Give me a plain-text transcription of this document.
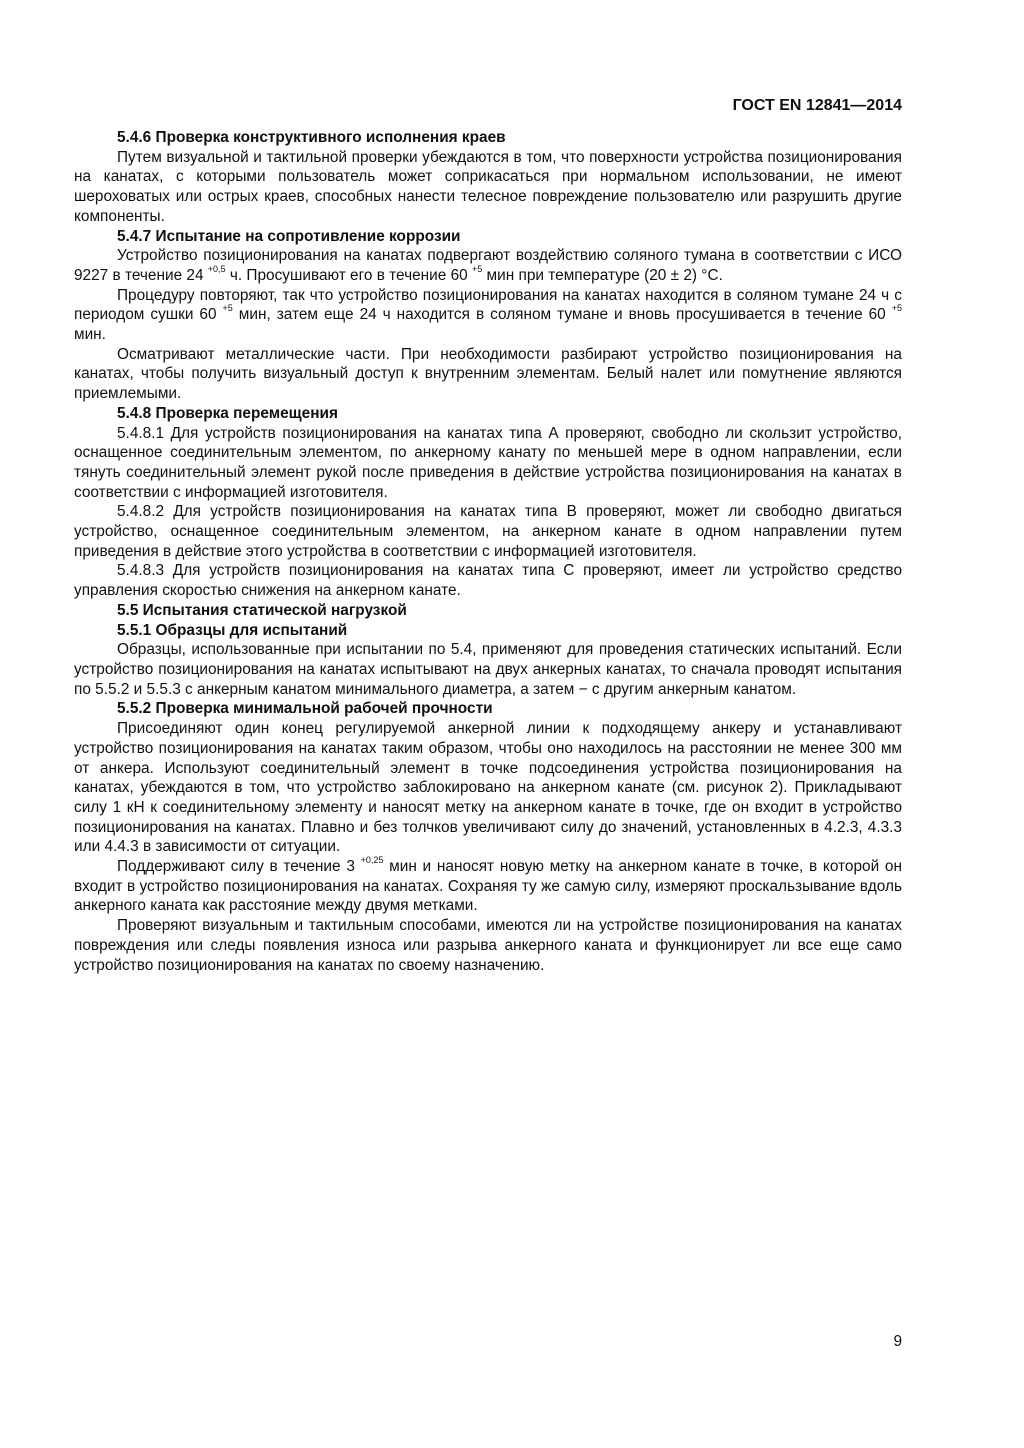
ГОСТ EN 12841—2014
5.4.6 Проверка конструктивного исполнения краев

Путем визуальной и тактильной проверки убеждаются в том, что поверхности устройства позиционирования на канатах, с которыми пользователь может соприкасаться при нормальном использовании, не имеют шероховатых или острых краев, способных нанести телесное повреждение пользователю или разрушить другие компоненты.

5.4.7 Испытание на сопротивление коррозии

Устройство позиционирования на канатах подвергают воздействию соляного тумана в соответствии с ИСО 9227 в течение 24 $^{+0,5}$ ч. Просушивают его в течение 60 $^{+5}$ мин при температуре (20 ± 2) °С.

Процедуру повторяют, так что устройство позиционирования на канатах находится в соляном тумане 24 ч с периодом сушки 60 $^{+5}$ мин, затем еще 24 ч находится в соляном тумане и вновь просушивается в течение 60 $^{+5}$ мин.

Осматривают металлические части. При необходимости разбирают устройство позиционирования на канатах, чтобы получить визуальный доступ к внутренним элементам. Белый налет или помутнение являются приемлемыми.

5.4.8 Проверка перемещения

5.4.8.1 Для устройств позиционирования на канатах типа А проверяют, свободно ли скользит устройство, оснащенное соединительным элементом, по анкерному канату по меньшей мере в одном направлении, если тянуть соединительный элемент рукой после приведения в действие устройства позиционирования на канатах в соответствии с информацией изготовителя.

5.4.8.2 Для устройств позиционирования на канатах типа В проверяют, может ли свободно двигаться устройство, оснащенное соединительным элементом, на анкерном канате в одном направлении путем приведения в действие этого устройства в соответствии с информацией изготовителя.

5.4.8.3 Для устройств позиционирования на канатах типа С проверяют, имеет ли устройство средство управления скоростью снижения на анкерном канате.

5.5 Испытания статической нагрузкой
5.5.1 Образцы для испытаний

Образцы, использованные при испытании по 5.4, применяют для проведения статических испытаний. Если устройство позиционирования на канатах испытывают на двух анкерных канатах, то сначала проводят испытания по 5.5.2 и 5.5.3 с анкерным канатом минимального диаметра, а затем − с другим анкерным канатом.

5.5.2 Проверка минимальной рабочей прочности

Присоединяют один конец регулируемой анкерной линии к подходящему анкеру и устанавливают устройство позиционирования на канатах таким образом, чтобы оно находилось на расстоянии не менее 300 мм от анкера. Используют соединительный элемент в точке подсоединения устройства позиционирования на канатах, убеждаются в том, что устройство заблокировано на анкерном канате (см. рисунок 2). Прикладывают силу 1 кН к соединительному элементу и наносят метку на анкерном канате в точке, где он входит в устройство позиционирования на канатах. Плавно и без толчков увеличивают силу до значений, установленных в 4.2.3, 4.3.3 или 4.4.3 в зависимости от ситуации.

Поддерживают силу в течение 3 $^{+0,25}$ мин и наносят новую метку на анкерном канате в точке, в которой он входит в устройство позиционирования на канатах. Сохраняя ту же самую силу, измеряют проскальзывание вдоль анкерного каната как расстояние между двумя метками.

Проверяют визуальным и тактильным способами, имеются ли на устройстве позиционирования на канатах повреждения или следы появления износа или разрыва анкерного каната и функционирует ли все еще само устройство позиционирования на канатах по своему назначению.

9
